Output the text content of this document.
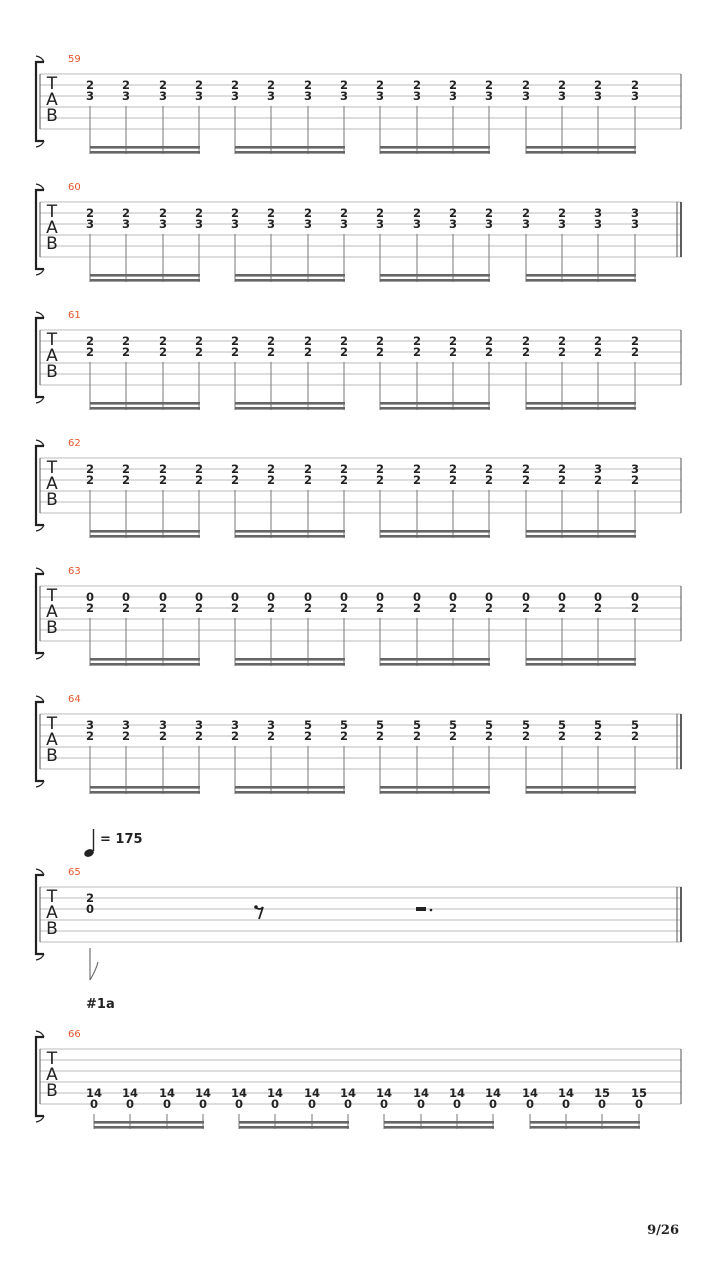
59
T
A
B
2
3
2
3
2
3
2
3
2
3
2
3
2
3
2
3
2
3
2
3
2
3
2
3
2
3
2
3
2
3
2
3
60
T
A
B
2
3
2
3
2
3
2
3
2
3
2
3
2
3
2
3
2
3
2
3
2
3
2
3
2
3
2
3
3
3
3
3
61
T
A
B
2
2
2
2
2
2
2
2
2
2
2
2
2
2
2
2
2
2
2
2
2
2
2
2
2
2
2
2
2
2
2
2
62
T
A
B
2
2
2
2
2
2
2
2
2
2
2
2
2
2
2
2
2
2
2
2
2
2
2
2
2
2
2
2
3
2
3
2
63
T
A
B
0
2
0
2
0
2
0
2
0
2
0
2
0
2
0
2
0
2
0
2
0
2
0
2
0
2
0
2
0
2
0
2
64
T
A
B
3
2
3
2
3
2
3
2
3
2
3
2
5
2
5
2
5
2
5
2
5
2
5
2
5
2
5
2
5
2
5
2
65
T
A
B
2
0
66
T
A
B 14
0
14
0
14
0
14
0
14
0
14
0
14
0
14
0
14
0
14
0
14
0
14
0
14
0
14
0
15
0
15
0
= 175
#1a
9/26
